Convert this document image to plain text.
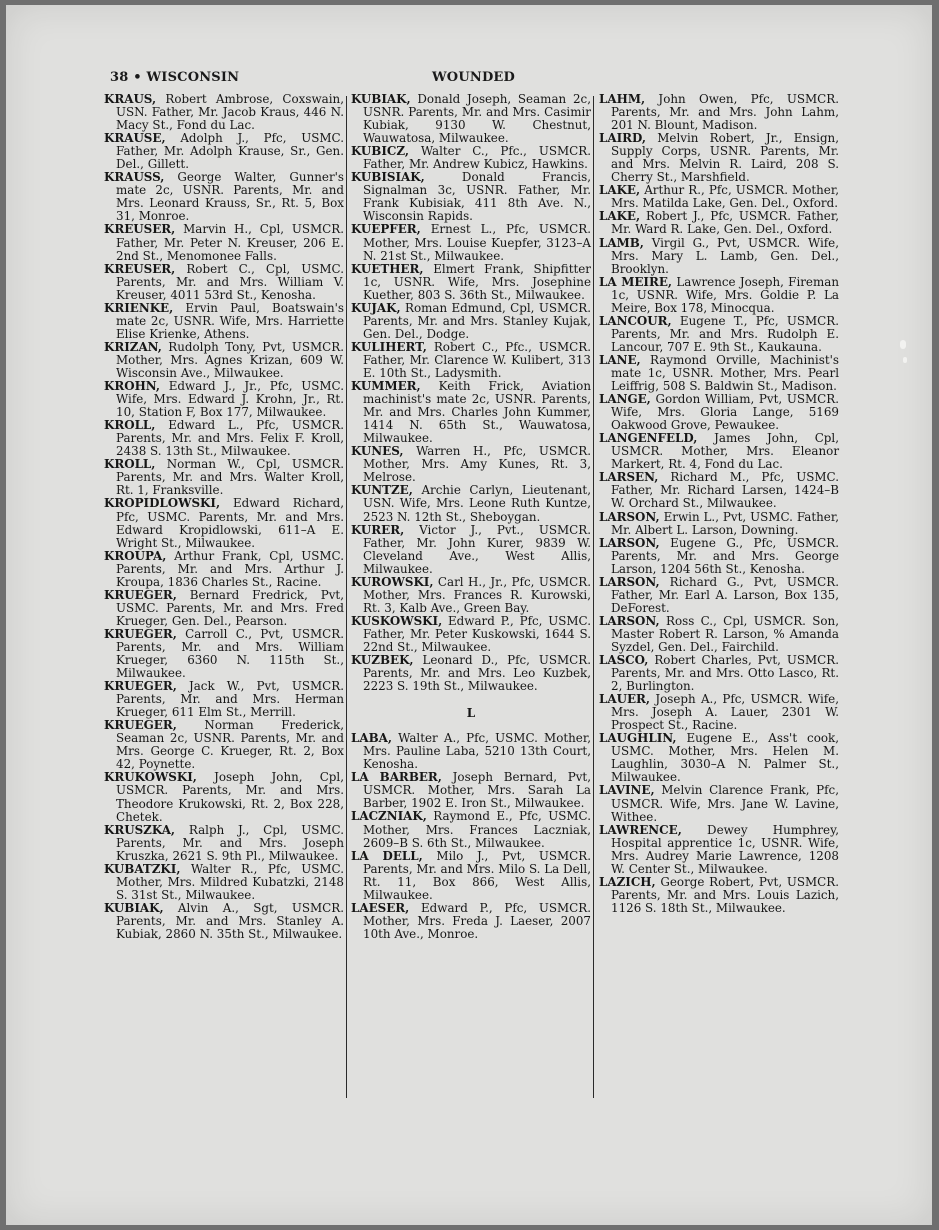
38 • WISCONSIN	WOUNDED

KRAUS, Robert Ambrose, Coxswain, USN. Father, Mr. Jacob Kraus, 446 N. Macy St., Fond du Lac.

KRAUSE, Adolph J., Pfc, USMC. Father, Mr. Adolph Krause, Sr., Gen. Del., Gillett.

KRAUSS, George Walter, Gunner's mate 2c, USNR. Parents, Mr. and Mrs. Leonard Krauss, Sr., Rt. 5, Box 31, Monroe.

KREUSER, Marvin H., Cpl, USMCR. Father, Mr. Peter N. Kreuser, 206 E. 2nd St., Menomonee Falls.

KREUSER, Robert C., Cpl, USMC. Parents, Mr. and Mrs. William V. Kreuser, 4011 53rd St., Kenosha.

KRIENKE, Ervin Paul, Boatswain's mate 2c, USNR. Wife, Mrs. Harriette Elise Krienke, Athens.

KRIZAN, Rudolph Tony, Pvt, USMCR. Mother, Mrs. Agnes Krizan, 609 W. Wisconsin Ave., Milwaukee.

KROHN, Edward J., Jr., Pfc, USMC. Wife, Mrs. Edward J. Krohn, Jr., Rt. 10, Station F, Box 177, Milwaukee.

KROLL, Edward L., Pfc, USMCR. Parents, Mr. and Mrs. Felix F. Kroll, 2438 S. 13th St., Milwaukee.

KROLL, Norman W., Cpl, USMCR. Parents, Mr. and Mrs. Walter Kroll, Rt. 1, Franksville.

KROPIDLOWSKI, Edward Richard, Pfc, USMC. Parents, Mr. and Mrs. Edward Kropidlowski, 611–A E. Wright St., Milwaukee.

KROUPA, Arthur Frank, Cpl, USMC. Parents, Mr. and Mrs. Arthur J. Kroupa, 1836 Charles St., Racine.

KRUEGER, Bernard Fredrick, Pvt, USMC. Parents, Mr. and Mrs. Fred Krueger, Gen. Del., Pearson.

KRUEGER, Carroll C., Pvt, USMCR. Parents, Mr. and Mrs. William Krueger, 6360 N. 115th St., Milwaukee.

KRUEGER, Jack W., Pvt, USMCR. Parents, Mr. and Mrs. Herman Krueger, 611 Elm St., Merrill.

KRUEGER, Norman Frederick, Seaman 2c, USNR. Parents, Mr. and Mrs. George C. Krueger, Rt. 2, Box 42, Poynette.

KRUKOWSKI, Joseph John, Cpl, USMCR. Parents, Mr. and Mrs. Theodore Krukowski, Rt. 2, Box 228, Chetek.

KRUSZKA, Ralph J., Cpl, USMC. Parents, Mr. and Mrs. Joseph Kruszka, 2621 S. 9th Pl., Milwaukee.

KUBATZKI, Walter R., Pfc, USMC. Mother, Mrs. Mildred Kubatzki, 2148 S. 31st St., Milwaukee.

KUBIAK, Alvin A., Sgt, USMCR. Parents, Mr. and Mrs. Stanley A. Kubiak, 2860 N. 35th St., Milwaukee.

KUBIAK, Donald Joseph, Seaman 2c, USNR. Parents, Mr. and Mrs. Casimir Kubiak, 9130 W. Chestnut, Wauwatosa, Milwaukee.

KUBICZ, Walter C., Pfc., USMCR. Father, Mr. Andrew Kubicz, Hawkins.

KUBISIAK, Donald Francis, Signalman 3c, USNR. Father, Mr. Frank Kubisiak, 411 8th Ave. N., Wisconsin Rapids.

KUEPFER, Ernest L., Pfc, USMCR. Mother, Mrs. Louise Kuepfer, 3123–A N. 21st St., Milwaukee.

KUETHER, Elmert Frank, Shipfitter 1c, USNR. Wife, Mrs. Josephine Kuether, 803 S. 36th St., Milwaukee.

KUJAK, Roman Edmund, Cpl, USMCR. Parents, Mr. and Mrs. Stanley Kujak, Gen. Del., Dodge.

KULIHERT, Robert C., Pfc., USMCR. Father, Mr. Clarence W. Kulibert, 313 E. 10th St., Ladysmith.

KUMMER, Keith Frick, Aviation machinist's mate 2c, USNR. Parents, Mr. and Mrs. Charles John Kummer, 1414 N. 65th St., Wauwatosa, Milwaukee.

KUNES, Warren H., Pfc, USMCR. Mother, Mrs. Amy Kunes, Rt. 3, Melrose.

KUNTZE, Archie Carlyn, Lieutenant, USN. Wife, Mrs. Leone Ruth Kuntze, 2523 N. 12th St., Sheboygan.

KURER, Victor J., Pvt., USMCR. Father, Mr. John Kurer, 9839 W. Cleveland Ave., West Allis, Milwaukee.

KUROWSKI, Carl H., Jr., Pfc, USMCR. Mother, Mrs. Frances R. Kurowski, Rt. 3, Kalb Ave., Green Bay.

KUSKOWSKI, Edward P., Pfc, USMC. Father, Mr. Peter Kuskowski, 1644 S. 22nd St., Milwaukee.

KUZBEK, Leonard D., Pfc, USMCR. Parents, Mr. and Mrs. Leo Kuzbek, 2223 S. 19th St., Milwaukee.

L

LABA, Walter A., Pfc, USMC. Mother, Mrs. Pauline Laba, 5210 13th Court, Kenosha.

LA BARBER, Joseph Bernard, Pvt, USMCR. Mother, Mrs. Sarah La Barber, 1902 E. Iron St., Milwaukee.

LACZNIAK, Raymond E., Pfc, USMC. Mother, Mrs. Frances Laczniak, 2609–B S. 6th St., Milwaukee.

LA DELL, Milo J., Pvt, USMCR. Parents, Mr. and Mrs. Milo S. La Dell, Rt. 11, Box 866, West Allis, Milwaukee.

LAESER, Edward P., Pfc, USMCR. Mother, Mrs. Freda J. Laeser, 2007 10th Ave., Monroe.

LAHM, John Owen, Pfc, USMCR. Parents, Mr. and Mrs. John Lahm, 201 N. Blount, Madison.

LAIRD, Melvin Robert, Jr., Ensign, Supply Corps, USNR. Parents, Mr. and Mrs. Melvin R. Laird, 208 S. Cherry St., Marshfield.

LAKE, Arthur R., Pfc, USMCR. Mother, Mrs. Matilda Lake, Gen. Del., Oxford.

LAKE, Robert J., Pfc, USMCR. Father, Mr. Ward R. Lake, Gen. Del., Oxford.

LAMB, Virgil G., Pvt, USMCR. Wife, Mrs. Mary L. Lamb, Gen. Del., Brooklyn.

LA MEIRE, Lawrence Joseph, Fireman 1c, USNR. Wife, Mrs. Goldie P. La Meire, Box 178, Minocqua.

LANCOUR, Eugene T., Pfc, USMCR. Parents, Mr. and Mrs. Rudolph E. Lancour, 707 E. 9th St., Kaukauna.

LANE, Raymond Orville, Machinist's mate 1c, USNR. Mother, Mrs. Pearl Leiffrig, 508 S. Baldwin St., Madison.

LANGE, Gordon William, Pvt, USMCR. Wife, Mrs. Gloria Lange, 5169 Oakwood Grove, Pewaukee.

LANGENFELD, James John, Cpl, USMCR. Mother, Mrs. Eleanor Markert, Rt. 4, Fond du Lac.

LARSEN, Richard M., Pfc, USMC. Father, Mr. Richard Larsen, 1424–B W. Orchard St., Milwaukee.

LARSON, Erwin L., Pvt, USMC. Father, Mr. Albert L. Larson, Downing.

LARSON, Eugene G., Pfc, USMCR. Parents, Mr. and Mrs. George Larson, 1204 56th St., Kenosha.

LARSON, Richard G., Pvt, USMCR. Father, Mr. Earl A. Larson, Box 135, DeForest.

LARSON, Ross C., Cpl, USMCR. Son, Master Robert R. Larson, % Amanda Syzdel, Gen. Del., Fairchild.

LASCO, Robert Charles, Pvt, USMCR. Parents, Mr. and Mrs. Otto Lasco, Rt. 2, Burlington.

LAUER, Joseph A., Pfc, USMCR. Wife, Mrs. Joseph A. Lauer, 2301 W. Prospect St., Racine.

LAUGHLIN, Eugene E., Ass't cook, USMC. Mother, Mrs. Helen M. Laughlin, 3030–A N. Palmer St., Milwaukee.

LAVINE, Melvin Clarence Frank, Pfc, USMCR. Wife, Mrs. Jane W. Lavine, Withee.

LAWRENCE, Dewey Humphrey, Hospital apprentice 1c, USNR. Wife, Mrs. Audrey Marie Lawrence, 1208 W. Center St., Milwaukee.

LAZICH, George Robert, Pvt, USMCR. Parents, Mr. and Mrs. Louis Lazich, 1126 S. 18th St., Milwaukee.
